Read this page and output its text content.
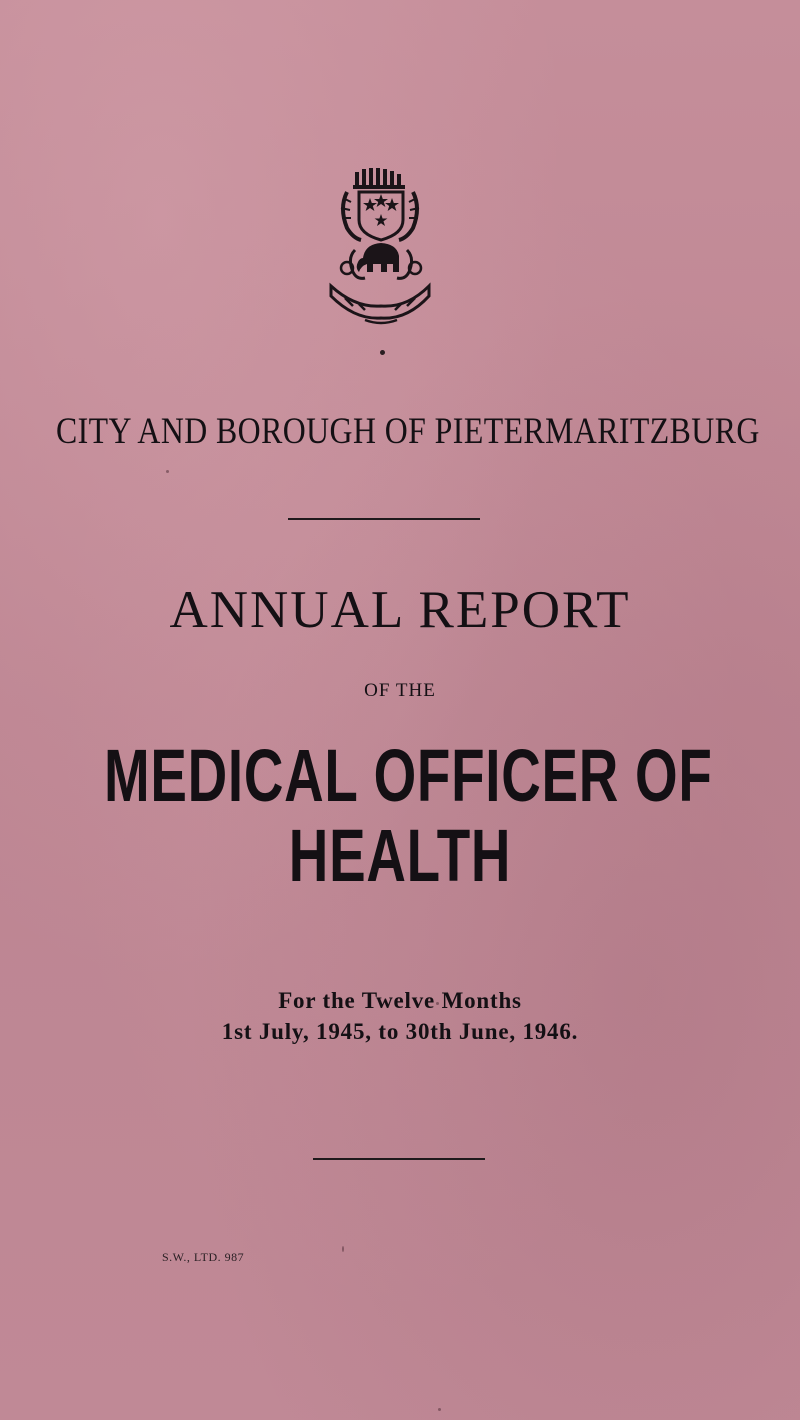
CITY AND BOROUGH OF PIETERMARITZBURG
ANNUAL REPORT
OF THE
MEDICAL OFFICER OF
HEALTH
For the Twelve Months
1st July, 1945, to 30th June, 1946.
S.W., LTD. 987
